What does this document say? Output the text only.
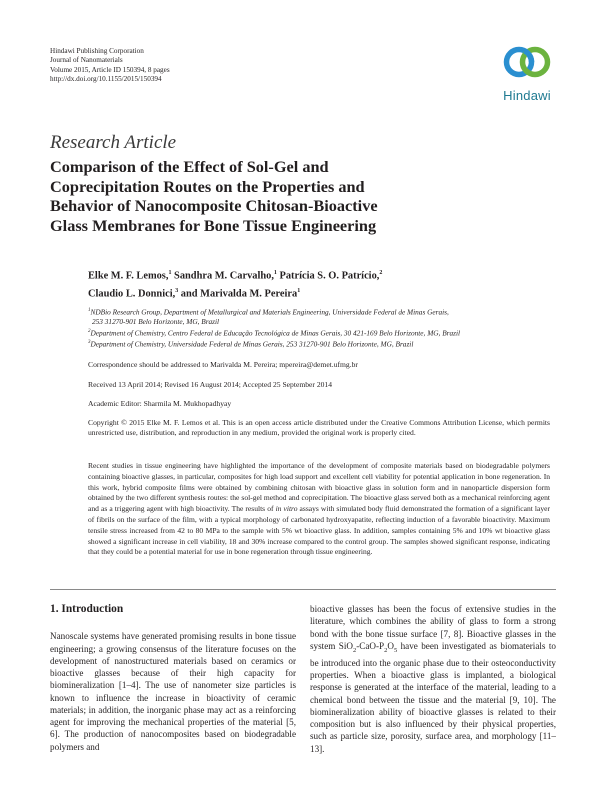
Hindawi Publishing Corporation
Journal of Nanomaterials
Volume 2015, Article ID 150394, 8 pages
http://dx.doi.org/10.1155/2015/150394
Hindawi
Research Article
Comparison of the Effect of Sol-Gel and
Coprecipitation Routes on the Properties and
Behavior of Nanocomposite Chitosan-Bioactive
Glass Membranes for Bone Tissue Engineering
Elke M. F. Lemos,$^1$ Sandhra M. Carvalho,$^1$ Patrícia S. O. Patrício,$^2$
Claudio L. Donnici,$^3$ and Marivalda M. Pereira$^1$
$^1$NDBio Research Group, Department of Metallurgical and Materials Engineering, Universidade Federal de Minas Gerais,
253 31270-901 Belo Horizonte, MG, Brazil
$^2$Department of Chemistry, Centro Federal de Educação Tecnológica de Minas Gerais, 30 421-169 Belo Horizonte, MG, Brazil
$^3$Department of Chemistry, Universidade Federal de Minas Gerais, 253 31270-901 Belo Horizonte, MG, Brazil
Correspondence should be addressed to Marivalda M. Pereira; mpereira@demet.ufmg.br
Received 13 April 2014; Revised 16 August 2014; Accepted 25 September 2014
Academic Editor: Sharmila M. Mukhopadhyay
Copyright © 2015 Elke M. F. Lemos et al. This is an open access article distributed under the Creative Commons Attribution License, which permits unrestricted use, distribution, and reproduction in any medium, provided the original work is properly cited.

Recent studies in tissue engineering have highlighted the importance of the development of composite materials based on biodegradable polymers containing bioactive glasses, in particular, composites for high load support and excellent cell viability for potential application in bone regeneration. In this work, hybrid composite films were obtained by combining chitosan with bioactive glass in solution form and in nanoparticle dispersion form obtained by the two different synthesis routes: the sol-gel method and coprecipitation. The bioactive glass served both as a mechanical reinforcing agent and as a triggering agent with high bioactivity. The results of in vitro assays with simulated body fluid demonstrated the formation of a significant layer of fibrils on the surface of the film, with a typical morphology of carbonated hydroxyapatite, reflecting induction of a favorable bioactivity. Maximum tensile stress increased from 42 to 80 MPa to the sample with 5% wt bioactive glass. In addition, samples containing 5% and 10% wt bioactive glass showed a significant increase in cell viability, 18 and 30% increase compared to the control group. The samples showed significant response, indicating that they could be a potential material for use in bone regeneration through tissue engineering.

1. Introduction

Nanoscale systems have generated promising results in bone tissue engineering; a growing consensus of the literature focuses on the development of nanostructured materials based on ceramics or bioactive glasses because of their high capacity for biomineralization [1–4]. The use of nanometer size particles is known to influence the increase in bioactivity of ceramic materials; in addition, the inorganic phase may act as a reinforcing agent for improving the mechanical properties of the material [5, 6]. The production of nanocomposites based on biodegradable polymers and

bioactive glasses has been the focus of extensive studies in the literature, which combines the ability of glass to form a strong bond with the bone tissue surface [7, 8]. Bioactive glasses in the system $SiO_2-CaO-P_2O_5$ have been investigated as biomaterials to be introduced into the organic phase due to their osteoconductivity properties. When a bioactive glass is implanted, a biological response is generated at the interface of the material, leading to a chemical bond between the tissue and the material [9, 10]. The biomineralization ability of bioactive glasses is related to their composition but is also influenced by their physical properties, such as particle size, porosity, surface area, and morphology [11–13].
